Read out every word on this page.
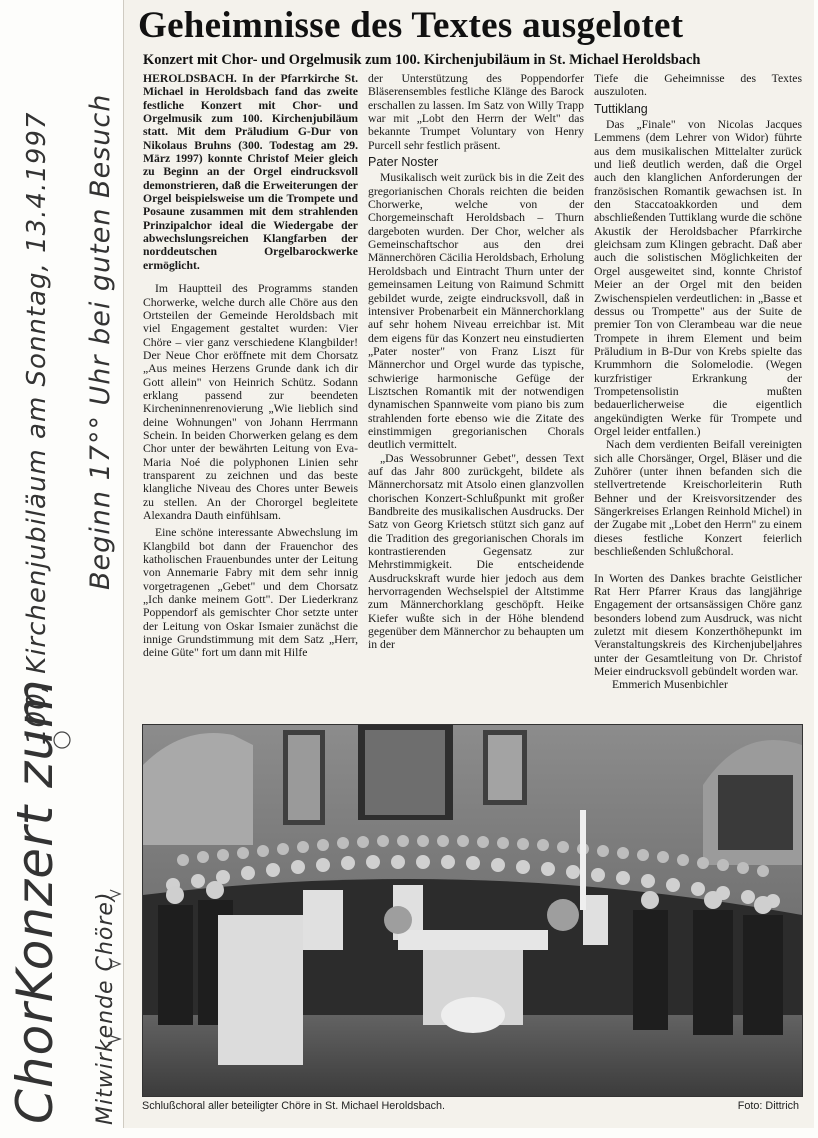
ChorKonzert zum
100, Kirchenjubiläum am Sonntag, 13.4.1997 Beginn 17°° Uhr bei guten Besuch
Mitwirkende Chöre)
Geheimnisse des Textes ausgelotet
Konzert mit Chor- und Orgelmusik zum 100. Kirchenjubiläum in St. Michael Heroldsbach

HEROLDSBACH. In der Pfarrkirche St. Michael in Heroldsbach fand das zweite festliche Konzert mit Chor- und Orgelmusik zum 100. Kirchenjubiläum statt. Mit dem Präludium G-Dur von Nikolaus Bruhns (300. Todestag am 29. März 1997) konnte Christof Meier gleich zu Beginn an der Orgel eindrucksvoll demonstrieren, daß die Erweiterungen der Orgel beispielsweise um die Trompete und Posaune zusammen mit dem strahlenden Prinzipalchor ideal die Wiedergabe der abwechslungsreichen Klangfarben der norddeutschen Orgelbarockwerke ermöglicht.

Im Hauptteil des Programms standen Chorwerke, welche durch alle Chöre aus den Ortsteilen der Gemeinde Heroldsbach mit viel Engagement gestaltet wurden: Vier Chöre – vier ganz verschiedene Klangbilder! Der Neue Chor eröffnete mit dem Chorsatz „Aus meines Herzens Grunde dank ich dir Gott allein" von Heinrich Schütz. Sodann erklang passend zur beendeten Kircheninnenrenovierung „Wie lieblich sind deine Wohnungen" von Johann Herrmann Schein. In beiden Chorwerken gelang es dem Chor unter der bewährten Leitung von Eva-Maria Noé die polyphonen Linien sehr transparent zu zeichnen und das beste klangliche Niveau des Chores unter Beweis zu stellen. An der Chororgel begleitete Alexandra Dauth einfühlsam.

Eine schöne interessante Abwechslung im Klangbild bot dann der Frauenchor des katholischen Frauenbundes unter der Leitung von Annemarie Fabry mit dem sehr innig vorgetragenen „Gebet" und dem Chorsatz „Ich danke meinem Gott". Der Liederkranz Poppendorf als gemischter Chor setzte unter der Leitung von Oskar Ismaier zunächst die innige Grundstimmung mit dem Satz „Herr, deine Güte" fort um dann mit Hilfe

der Unterstützung des Poppendorfer Bläserensembles festliche Klänge des Barock erschallen zu lassen. Im Satz von Willy Trapp war mit „Lobt den Herrn der Welt" das bekannte Trumpet Voluntary von Henry Purcell sehr festlich präsent.

Pater Noster

Musikalisch weit zurück bis in die Zeit des gregorianischen Chorals reichten die beiden Chorwerke, welche von der Chorgemeinschaft Heroldsbach – Thurn dargeboten wurden. Der Chor, welcher als Gemeinschaftschor aus den drei Männerchören Cäcilia Heroldsbach, Erholung Heroldsbach und Eintracht Thurn unter der gemeinsamen Leitung von Raimund Schmitt gebildet wurde, zeigte eindrucksvoll, daß in intensiver Probenarbeit ein Männerchorklang auf sehr hohem Niveau erreichbar ist. Mit dem eigens für das Konzert neu einstudierten „Pater noster" von Franz Liszt für Männerchor und Orgel wurde das typische, schwierige harmonische Gefüge der Lisztschen Romantik mit der notwendigen dynamischen Spannweite vom piano bis zum strahlenden forte ebenso wie die Zitate des einstimmigen gregorianischen Chorals deutlich vermittelt.

„Das Wessobrunner Gebet", dessen Text auf das Jahr 800 zurückgeht, bildete als Männerchorsatz mit Atsolo einen glanzvollen chorischen Konzert-Schlußpunkt mit großer Bandbreite des musikalischen Ausdrucks. Der Satz von Georg Krietsch stützt sich ganz auf die Tradition des gregorianischen Chorals im kontrastierenden Gegensatz zur Mehrstimmigkeit. Die entscheidende Ausdruckskraft wurde hier jedoch aus dem hervorragenden Wechselspiel der Altstimme zum Männerchorklang geschöpft. Heike Kiefer wußte sich in der Höhe blendend gegenüber dem Männerchor zu behaupten um in der

Tiefe die Geheimnisse des Textes auszuloten.

Tuttiklang

Das „Finale" von Nicolas Jacques Lemmens (dem Lehrer von Widor) führte aus dem musikalischen Mittelalter zurück und ließ deutlich werden, daß die Orgel auch den klanglichen Anforderungen der französischen Romantik gewachsen ist. In den Staccatoakkorden und dem abschließenden Tuttiklang wurde die schöne Akustik der Heroldsbacher Pfarrkirche gleichsam zum Klingen gebracht. Daß aber auch die solistischen Möglichkeiten der Orgel ausgeweitet sind, konnte Christof Meier an der Orgel mit den beiden Zwischenspielen verdeutlichen: in „Basse et dessus ou Trompette" aus der Suite de premier Ton von Clerambeau war die neue Trompete in ihrem Element und beim Präludium in B-Dur von Krebs spielte das Krummhorn die Solomelodie. (Wegen kurzfristiger Erkrankung der Trompetensolistin mußten bedauerlicherweise die eigentlich angekündigten Werke für Trompete und Orgel leider entfallen.)

Nach dem verdienten Beifall vereinigten sich alle Chorsänger, Orgel, Bläser und die Zuhörer (unter ihnen befanden sich die stellvertretende Kreischorleiterin Ruth Behner und der Kreisvorsitzender des Sängerkreises Erlangen Reinhold Michel) in der Zugabe mit „Lobet den Herrn" zu einem dieses festliche Konzert feierlich beschließenden Schlußchoral.

In Worten des Dankes brachte Geistlicher Rat Herr Pfarrer Kraus das langjährige Engagement der ortsansässigen Chöre ganz besonders lobend zum Ausdruck, was nicht zuletzt mit diesem Konzerthöhepunkt im Veranstaltungskreis des Kirchenjubeljahres unter der Gesamtleitung von Dr. Christof Meier eindrucksvoll gebündelt worden war.
Emmerich Musenbichler

Schlußchoral aller beteiligter Chöre in St. Michael Heroldsbach.	Foto: Dittrich
